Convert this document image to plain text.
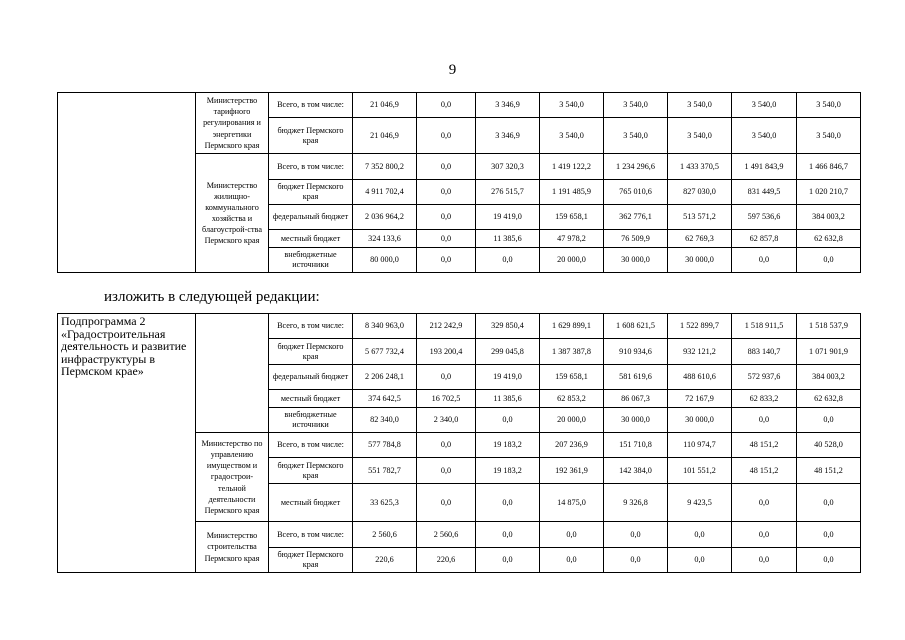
9
	Министерство тарифного регулирования и энергетики Пермского края	Всего, в том числе:	21 046,9	0,0	3 346,9	3 540,0	3 540,0	3 540,0	3 540,0	3 540,0
		бюджет Пермского края	21 046,9	0,0	3 346,9	3 540,0	3 540,0	3 540,0	3 540,0	3 540,0
	Министерство жилищно-коммунального хозяйства и благоустрой-ства Пермского края	Всего, в том числе:	7 352 800,2	0,0	307 320,3	1 419 122,2	1 234 296,6	1 433 370,5	1 491 843,9	1 466 846,7
		бюджет Пермского края	4 911 702,4	0,0	276 515,7	1 191 485,9	765 010,6	827 030,0	831 449,5	1 020 210,7
		федеральный бюджет	2 036 964,2	0,0	19 419,0	159 658,1	362 776,1	513 571,2	597 536,6	384 003,2
		местный бюджет	324 133,6	0,0	11 385,6	47 978,2	76 509,9	62 769,3	62 857,8	62 632,8
		внебюджетные источники	80 000,0	0,0	0,0	20 000,0	30 000,0	30 000,0	0,0	0,0
изложить в следующей редакции:
Подпрограмма 2 «Градостроительная деятельность и развитие инфраструктуры в Пермском крае»		Всего, в том числе:	8 340 963,0	212 242,9	329 850,4	1 629 899,1	1 608 621,5	1 522 899,7	1 518 911,5	1 518 537,9
		бюджет Пермского края	5 677 732,4	193 200,4	299 045,8	1 387 387,8	910 934,6	932 121,2	883 140,7	1 071 901,9
		федеральный бюджет	2 206 248,1	0,0	19 419,0	159 658,1	581 619,6	488 610,6	572 937,6	384 003,2
		местный бюджет	374 642,5	16 702,5	11 385,6	62 853,2	86 067,3	72 167,9	62 833,2	62 632,8
		внебюджетные источники	82 340,0	2 340,0	0,0	20 000,0	30 000,0	30 000,0	0,0	0,0
	Министерство по управлению имуществом и градострои-тельной деятельности Пермского края	Всего, в том числе:	577 784,8	0,0	19 183,2	207 236,9	151 710,8	110 974,7	48 151,2	40 528,0
		бюджет Пермского края	551 782,7	0,0	19 183,2	192 361,9	142 384,0	101 551,2	48 151,2	48 151,2
		местный бюджет	33 625,3	0,0	0,0	14 875,0	9 326,8	9 423,5	0,0	0,0
	Министерство строительства Пермского края	Всего, в том числе:	2 560,6	2 560,6	0,0	0,0	0,0	0,0	0,0	0,0
		бюджет Пермского края	220,6	220,6	0,0	0,0	0,0	0,0	0,0	0,0
